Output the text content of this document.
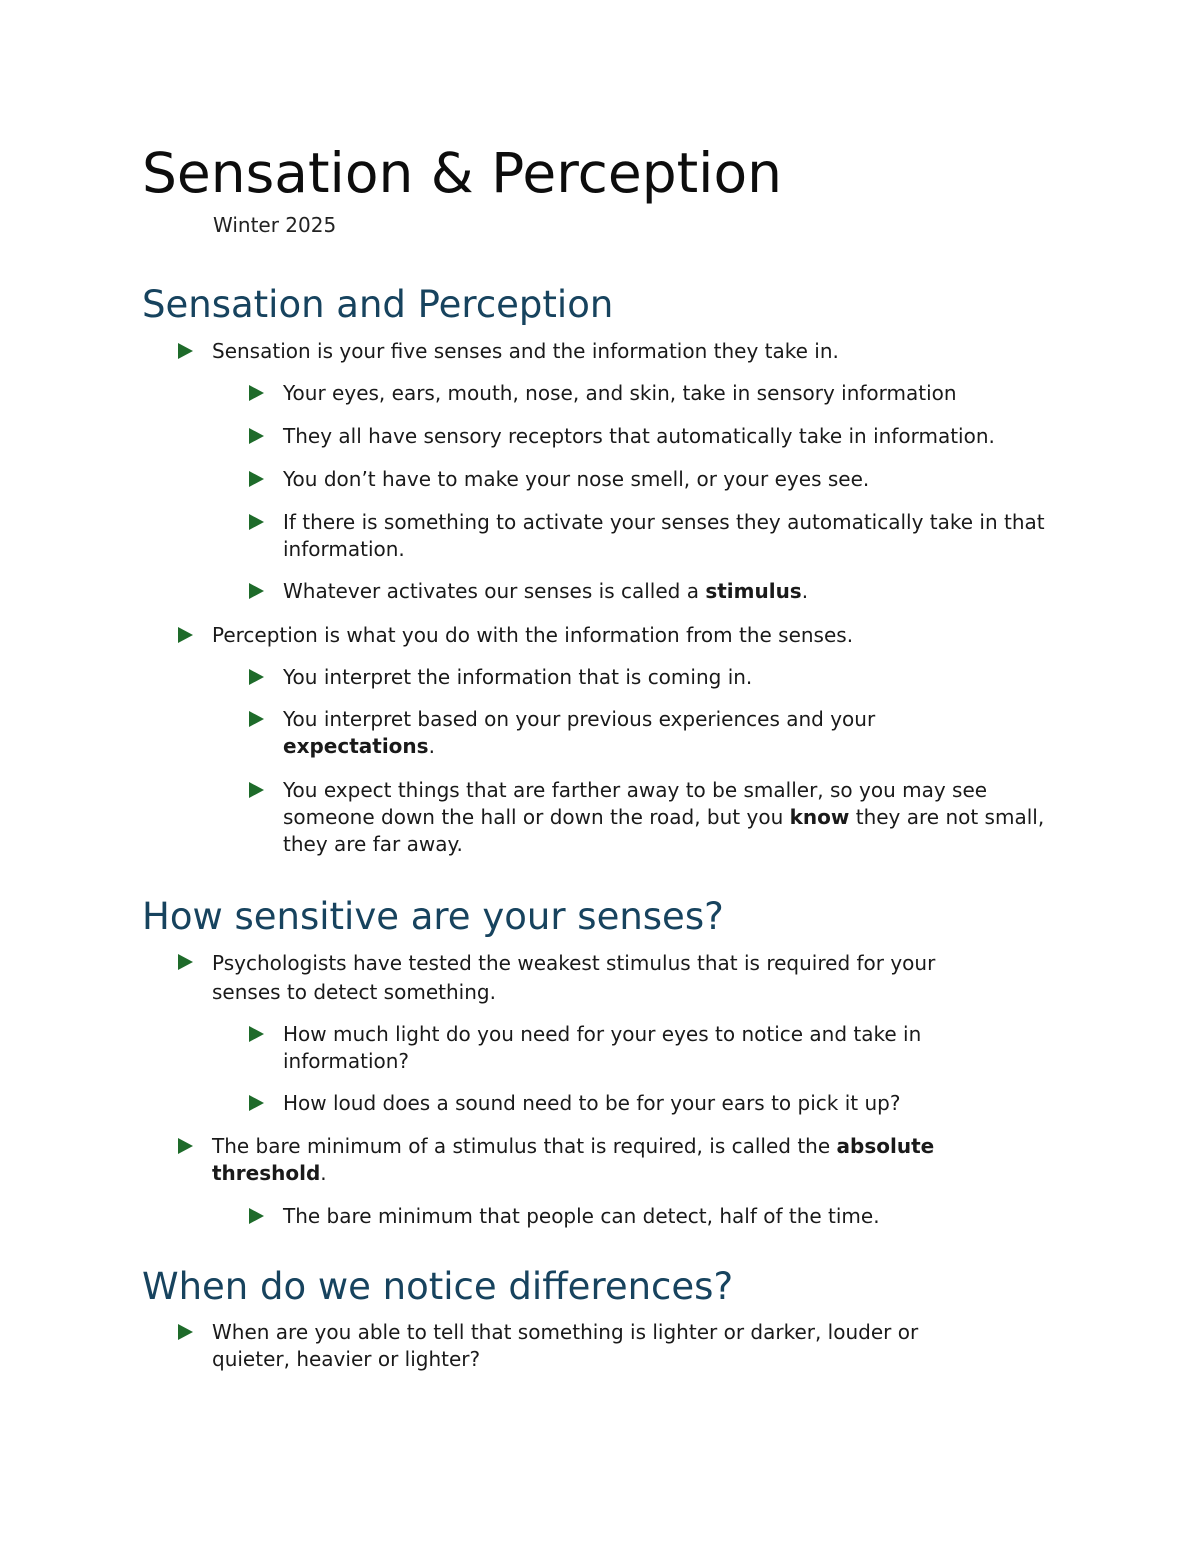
Sensation & Perception
Winter 2025
Sensation and Perception
Sensation is your five senses and the information they take in.
Your eyes, ears, mouth, nose, and skin, take in sensory information
They all have sensory receptors that automatically take in information.
You don’t have to make your nose smell, or your eyes see.
If there is something to activate your senses they automatically take in that information.
Whatever activates our senses is called a stimulus.
Perception is what you do with the information from the senses.
You interpret the information that is coming in.
You interpret based on your previous experiences and your expectations.
You expect things that are farther away to be smaller, so you may see someone down the hall or down the road, but you know they are not small, they are far away.
How sensitive are your senses?
Psychologists have tested the weakest stimulus that is required for your senses to detect something.
How much light do you need for your eyes to notice and take in information?
How loud does a sound need to be for your ears to pick it up?
The bare minimum of a stimulus that is required, is called the absolute threshold.
The bare minimum that people can detect, half of the time.
When do we notice differences?
When are you able to tell that something is lighter or darker, louder or quieter, heavier or lighter?
